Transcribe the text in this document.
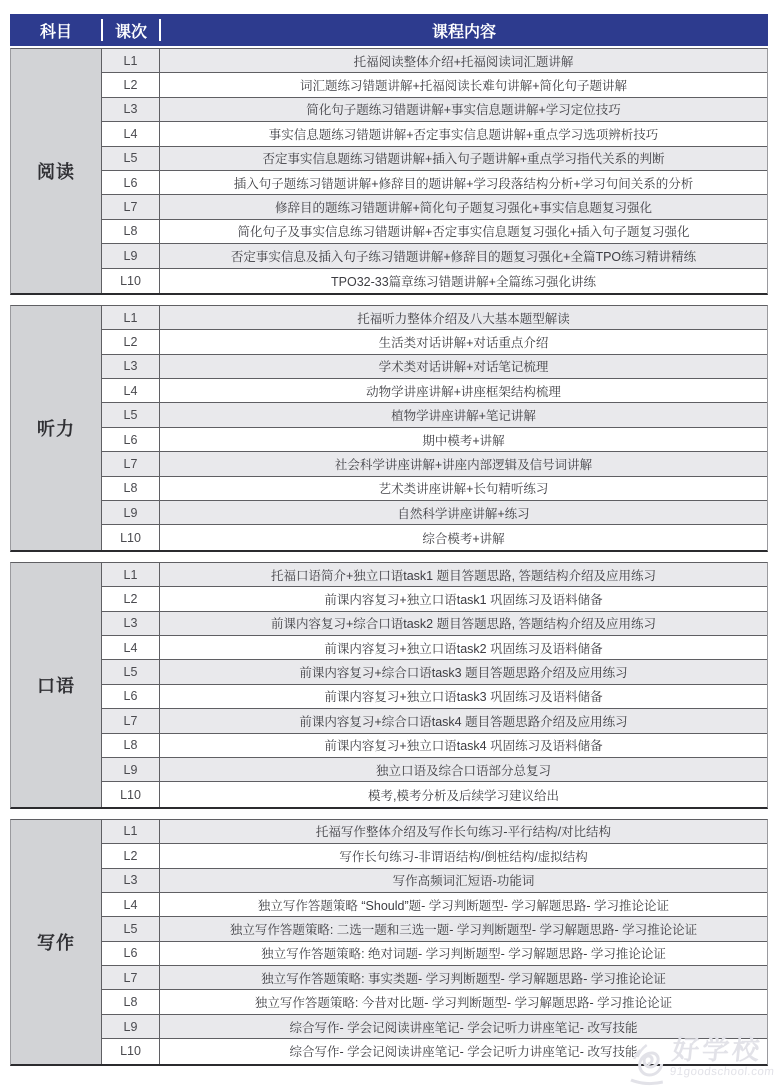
科目	课次	课程内容
阅读
L1	托福阅读整体介绍+托福阅读词汇题讲解
L2	词汇题练习错题讲解+托福阅读长难句讲解+简化句子题讲解
L3	简化句子题练习错题讲解+事实信息题讲解+学习定位技巧
L4	事实信息题练习错题讲解+否定事实信息题讲解+重点学习选项辨析技巧
L5	否定事实信息题练习错题讲解+插入句子题讲解+重点学习指代关系的判断
L6	插入句子题练习错题讲解+修辞目的题讲解+学习段落结构分析+学习句间关系的分析
L7	修辞目的题练习错题讲解+简化句子题复习强化+事实信息题复习强化
L8	简化句子及事实信息练习错题讲解+否定事实信息题复习强化+插入句子题复习强化
L9	否定事实信息及插入句子练习错题讲解+修辞目的题复习强化+全篇TPO练习精讲精练
L10	TPO32-33篇章练习错题讲解+全篇练习强化讲练
听力
L1	托福听力整体介绍及八大基本题型解读
L2	生活类对话讲解+对话重点介绍
L3	学术类对话讲解+对话笔记梳理
L4	动物学讲座讲解+讲座框架结构梳理
L5	植物学讲座讲解+笔记讲解
L6	期中模考+讲解
L7	社会科学讲座讲解+讲座内部逻辑及信号词讲解
L8	艺术类讲座讲解+长句精听练习
L9	自然科学讲座讲解+练习
L10	综合模考+讲解
口语
L1	托福口语简介+独立口语task1 题目答题思路, 答题结构介绍及应用练习
L2	前课内容复习+独立口语task1 巩固练习及语料储备
L3	前课内容复习+综合口语task2 题目答题思路, 答题结构介绍及应用练习
L4	前课内容复习+独立口语task2 巩固练习及语料储备
L5	前课内容复习+综合口语task3 题目答题思路介绍及应用练习
L6	前课内容复习+独立口语task3 巩固练习及语料储备
L7	前课内容复习+综合口语task4 题目答题思路介绍及应用练习
L8	前课内容复习+独立口语task4 巩固练习及语料储备
L9	独立口语及综合口语部分总复习
L10	模考,模考分析及后续学习建议给出
写作
L1	托福写作整体介绍及写作长句练习-平行结构/对比结构
L2	写作长句练习-非谓语结构/倒桩结构/虚拟结构
L3	写作高频词汇短语-功能词
L4	独立写作答题策略 “Should”题- 学习判断题型- 学习解题思路- 学习推论论证
L5	独立写作答题策略: 二选一题和三选一题- 学习判断题型- 学习解题思路- 学习推论论证
L6	独立写作答题策略: 绝对词题- 学习判断题型- 学习解题思路- 学习推论论证
L7	独立写作答题策略: 事实类题- 学习判断题型- 学习解题思路- 学习推论论证
L8	独立写作答题策略: 今昔对比题- 学习判断题型- 学习解题思路- 学习推论论证
L9	综合写作- 学会记阅读讲座笔记- 学会记听力讲座笔记- 改写技能
L10	综合写作- 学会记阅读讲座笔记- 学会记听力讲座笔记- 改写技能	好学校
91goodschool.com
